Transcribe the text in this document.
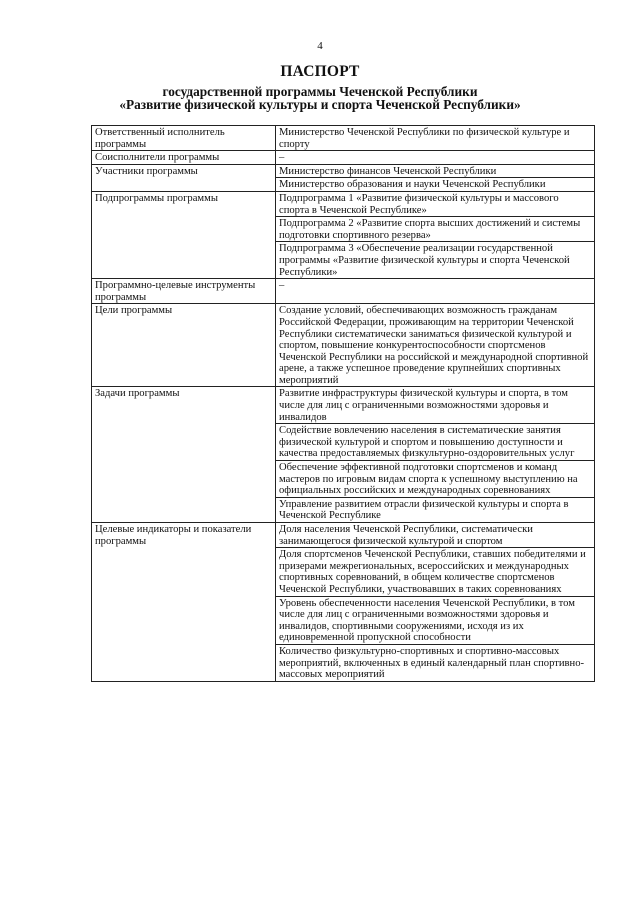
4
ПАСПОРТ
государственной программы Чеченской Республики
«Развитие физической культуры и спорта Чеченской Республики»
Ответственный исполнитель программы	Министерство Чеченской Республики по физической культуре и спорту
Соисполнители программы	–
Участники программы	Министерство финансов Чеченской Республики
	Министерство образования и науки Чеченской Республики
Подпрограммы программы	Подпрограмма 1 «Развитие физической культуры и массового спорта в Чеченской Республике»
	Подпрограмма 2 «Развитие спорта высших достижений и системы подготовки спортивного резерва»
	Подпрограмма 3 «Обеспечение реализации государственной программы «Развитие физической культуры и спорта Чеченской Республики»
Программно-целевые инструменты программы	–
Цели программы	Создание условий, обеспечивающих возможность гражданам Российской Федерации, проживающим на территории Чеченской Республики систематически заниматься физической культурой и спортом, повышение конкурентоспособности спортсменов Чеченской Республики на российской и международной спортивной арене, а также успешное проведение крупнейших спортивных мероприятий
Задачи программы	Развитие инфраструктуры физической культуры и спорта, в том числе для лиц с ограниченными возможностями здоровья и инвалидов
	Содействие вовлечению населения в систематические занятия физической культурой и спортом и повышению доступности и качества предоставляемых физкультурно-оздоровительных услуг
	Обеспечение эффективной подготовки спортсменов и команд мастеров по игровым видам спорта к успешному выступлению на официальных российских и международных соревнованиях
	Управление развитием отрасли физической культуры и спорта в Чеченской Республике
Целевые индикаторы и показатели программы	Доля населения Чеченской Республики, систематически занимающегося физической культурой и спортом
	Доля спортсменов Чеченской Республики, ставших победителями и призерами межрегиональных, всероссийских и международных спортивных соревнований, в общем количестве спортсменов Чеченской Республики, участвовавших в таких соревнованиях
	Уровень обеспеченности населения Чеченской Республики, в том числе для лиц с ограниченными возможностями здоровья и инвалидов, спортивными сооружениями, исходя из их единовременной пропускной способности
	Количество физкультурно-спортивных и спортивно-массовых мероприятий, включенных в единый календарный план спортивно-массовых мероприятий
